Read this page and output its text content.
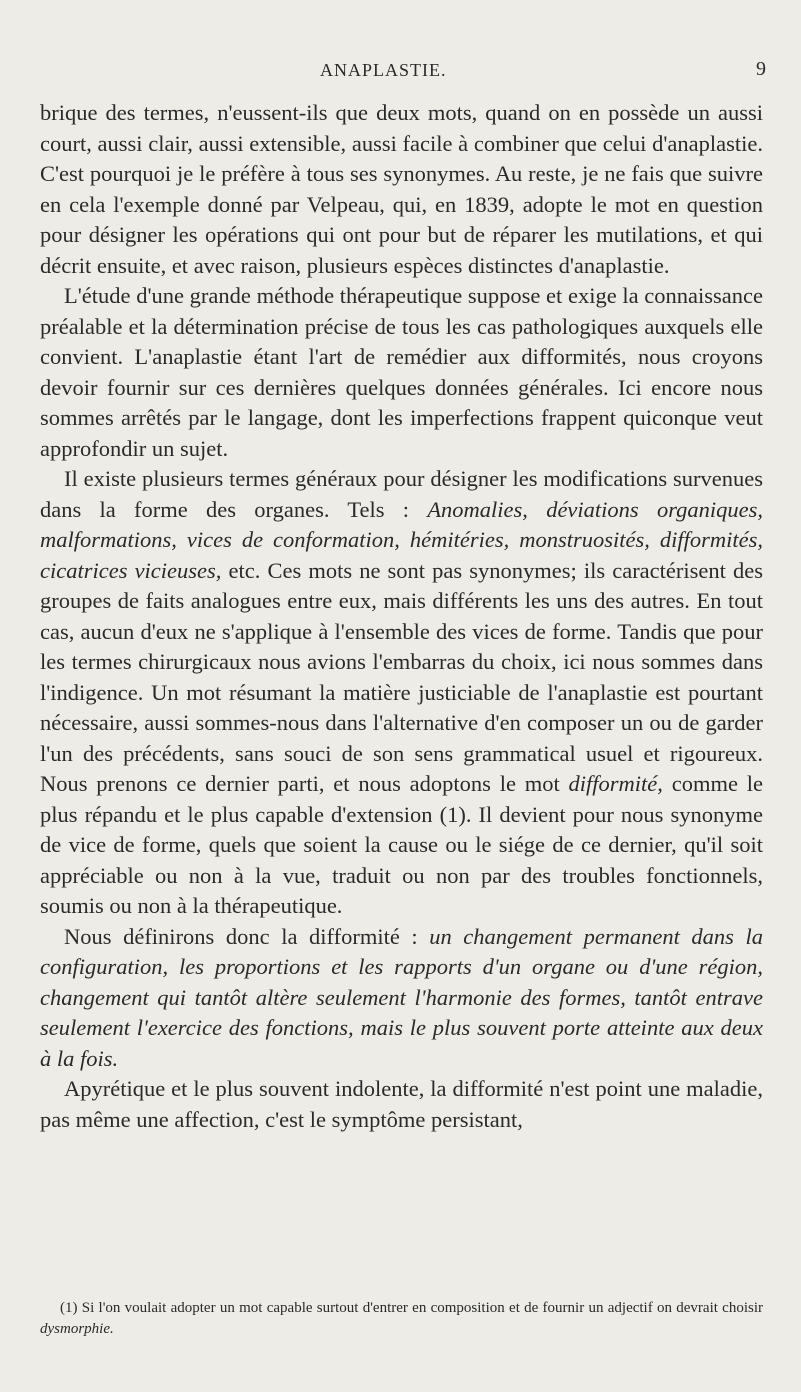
ANAPLASTIE.	9

brique des termes, n'eussent-ils que deux mots, quand on en possède un aussi court, aussi clair, aussi extensible, aussi facile à combiner que celui d'anaplastie. C'est pourquoi je le préfère à tous ses synonymes. Au reste, je ne fais que suivre en cela l'exemple donné par Velpeau, qui, en 1839, adopte le mot en question pour désigner les opérations qui ont pour but de réparer les mutilations, et qui décrit ensuite, et avec raison, plusieurs espèces distinctes d'anaplastie.

L'étude d'une grande méthode thérapeutique suppose et exige la connaissance préalable et la détermination précise de tous les cas pathologiques auxquels elle convient. L'anaplastie étant l'art de remédier aux difformités, nous croyons devoir fournir sur ces dernières quelques données générales. Ici encore nous sommes arrêtés par le langage, dont les imperfections frappent quiconque veut approfondir un sujet.

Il existe plusieurs termes généraux pour désigner les modifications survenues dans la forme des organes. Tels : Anomalies, déviations organiques, malformations, vices de conformation, hémitéries, monstruosités, difformités, cicatrices vicieuses, etc. Ces mots ne sont pas synonymes; ils caractérisent des groupes de faits analogues entre eux, mais différents les uns des autres. En tout cas, aucun d'eux ne s'applique à l'ensemble des vices de forme. Tandis que pour les termes chirurgicaux nous avions l'embarras du choix, ici nous sommes dans l'indigence. Un mot résumant la matière justiciable de l'anaplastie est pourtant nécessaire, aussi sommes-nous dans l'alternative d'en composer un ou de garder l'un des précédents, sans souci de son sens grammatical usuel et rigoureux. Nous prenons ce dernier parti, et nous adoptons le mot difformité, comme le plus répandu et le plus capable d'extension (1). Il devient pour nous synonyme de vice de forme, quels que soient la cause ou le siége de ce dernier, qu'il soit appréciable ou non à la vue, traduit ou non par des troubles fonctionnels, soumis ou non à la thérapeutique.

Nous définirons donc la difformité : un changement permanent dans la configuration, les proportions et les rapports d'un organe ou d'une région, changement qui tantôt altère seulement l'harmonie des formes, tantôt entrave seulement l'exercice des fonctions, mais le plus souvent porte atteinte aux deux à la fois.

Apyrétique et le plus souvent indolente, la difformité n'est point une maladie, pas même une affection, c'est le symptôme persistant,

(1) Si l'on voulait adopter un mot capable surtout d'entrer en composition et de fournir un adjectif on devrait choisir dysmorphie.
